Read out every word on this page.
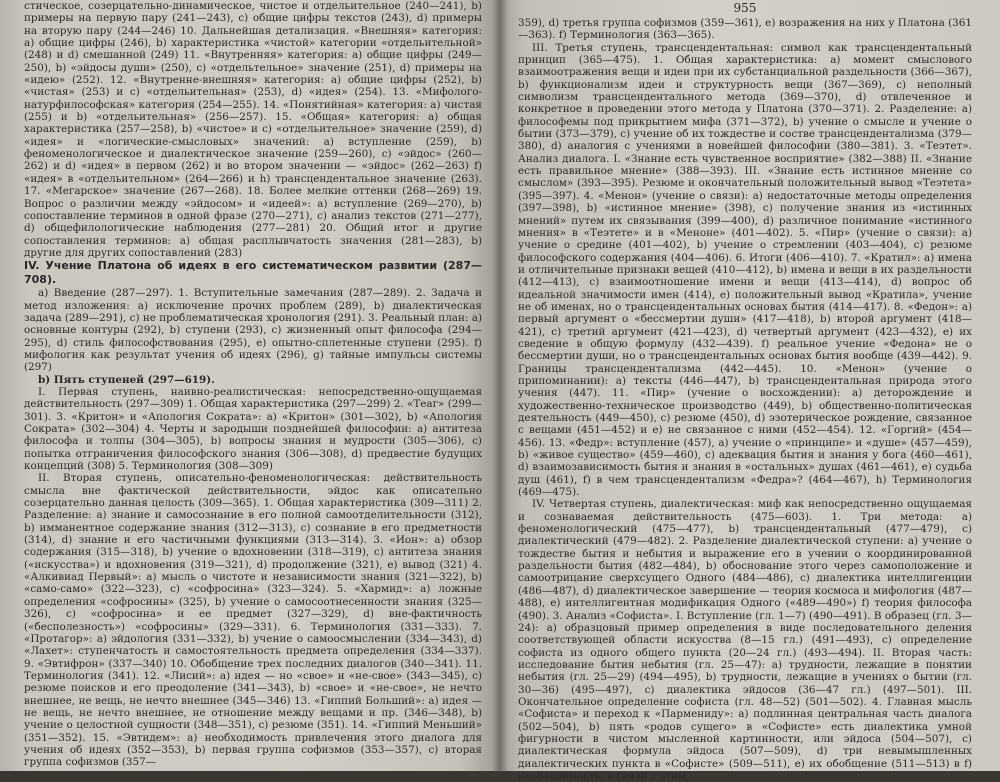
стическое, созерцательно-динамическое, чистое и отдельительное (240—241), b) примеры на первую пару (241—243), c) общие цифры текстов (243), d) примеры на вторую пару (244—246) 10. Дальнейшая детализация. «Внешняя» категория: a) общие цифры (246), b) характеристика «чистой» категории «отдельительной» (248) и d) смешанной (249) 11. «Внутренняя» категория: a) общие цифры (249—250), b) «эйдосы души» (250), c) «отдельтельное» значение (251), d) примеры на «идею» (252). 12. «Внутренне-внешняя» категория: a) общие цифры (252), b) «чистая» (253) и c) «отдельительная» (253), d) «идея» (254). 13. «Мифолого-натурфилософская» категория (254—255). 14. «Понятийная» категория: a) чистая (255) и b) «отдельительная» (256—257). 15. «Общая» категория: a) общая характеристика (257—258), b) «чистое» и c) «отдельительное» значение (259), d) «идея» и «логические-смысловых» значений: a) вступление (259), b) феноменологическое и диалектическое значение (259—260), c) «эйдос» (260—262) и d) «идея» в первом (262) и во втором значении — «эйдос» (262—263) f) «идея» в «отдельительном» (264—266) и h) трансцендентальное значение (263). 17. «Мегарское» значение (267—268). 18. Более мелкие оттенки (268—269) 19. Вопрос о различии между «эйдосом» и «идеей»: a) вступление (269—270), b) сопоставление терминов в одной фразе (270—271), c) анализ текстов (271—277), d) общефилологические наблюдения (277—281) 20. Общий итог и другие сопоставления терминов: a) общая расплывчатость значения (281—283), b) другие для других сопоставлений (283)

IV. Учение Платона об идеях в его систематическом развитии (287—708).

a) Введение (287—297). 1. Вступительные замечания (287—289). 2. Задача и метод изложения: a) исключение прочих проблем (289), b) диалектическая задача (289—291), c) не проблематическая хронология (291). 3. Реальный план: a) основные контуры (292), b) ступени (293), c) жизненный опыт философа (294—295), d) стиль философствования (295), e) опытно-сплетенные ступени (295). f) мифология как результат учения об идеях (296), g) тайные импульсы системы (297)

b) Пять ступеней (297—619).

I. Первая ступень, наивно-реалистическая: непосредственно-ощущаемая действительность (297—309) 1. Общая характеристика (297—299) 2. «Теаг» (299—301). 3. «Критон» и «Апология Сократа»: a) «Критон» (301—302), b) «Апология Сократа» (302—304) 4. Черты и зародыши позднейшей философии: a) антитеза философа и толпы (304—305), b) вопросы знания и мудрости (305—306), c) попытка отграничения философского знания (306—308), d) предвестие будущих концепций (308) 5. Терминология (308—309)

II. Вторая ступень, описательно-феноменологическая: действительность смысла вне фактической действительности, эйдос как описательно созерцательно данная целость (309—365). 1. Общая характеристика (309—311) 2. Разделение: a) знание и самосознание в его полной самоотделительности (312), b) имманентное содержание знания (312—313), c) сознание в его предметности (314), d) знание и его частичными функциями (313—314). 3. «Ион»: a) обзор содержания (315—318), b) учение о вдохновении (318—319), c) антитеза знания («искусства») и вдохновения (319—321), d) продолжение (321), e) вывод (321) 4. «Алкивиад Первый»: a) мысль о чистоте и независимости знания (321—322), b) «само-само» (322—323), c) «софросина» (323—324). 5. «Хармид»: a) ложные определения «софросины» (325), b) учение о самосоотнесенности знания (325—326), c) «софросина» и ее предмет (327—329), d) вне-фактичность («бесполезность») «софросины» (329—331). 6. Терминология (331—333). 7. «Протагор»: a) эйдология (331—332), b) учение о самоосмыслении (334—343), d) «Лахет»: ступенчатость и самостоятельность предмета определения (334—337). 9. «Эвтифрон» (337—340) 10. Обобщение трех последних диалогов (340—341). 11. Терминология (341). 12. «Лисий»: a) идея — но «свое» и «не-свое» (343—345), c) резюме поисков и его преодоление (341—343), b) «свое» и «не-свое», не нечто внешнее, не вещь, не нечто внешнее (345—346) 13. «Гиппий Больший»: a) идея — не вещь, не нечто внешнее, не отношение между вещами и пр. (346—348), b) учение о целостной сущности (348—351), c) резюме (351). 14. «Гиппий Меньший» (351—352). 15. «Эвтидем»: a) необходимость привлечения этого диалога для учения об идеях (352—353), b) первая группа софизмов (353—357), c) вторая группа софизмов (357—

955

359), d) третья группа софизмов (359—361), e) возражения на них у Платона (361—363). f) Терминология (363—365).

III. Третья ступень, трансцендентальная: символ как трансцендентальный принцип (365—475). 1. Общая характеристика: a) момент смыслового взаимоотражения вещи и идеи при их субстанциальной раздельности (366—367), b) функционализм идеи и структурность вещи (367—369), c) неполный символизм трансцендентального метода (369—370), d) отвлеченное и конкретное в проведении этого метода у Платона (370—371). 2. Разделение: a) философемы под прикрытием мифа (371—372), b) учение о смысле и учение о бытии (373—379), c) учение об их тождестве и состве трансцендентализма (379—380), d) аналогия с учениями в новейшей философии (380—381). 3. «Теэтет». Анализ диалога. I. «Знание есть чувственное восприятие» (382—388) II. «Знание есть правильное мнение» (388—393). III. «Знание есть истинное мнение со смыслом» (393—395). Резюме и окончательный положительный вывод «Теэтета» (395—397). 4. «Менон» (учение о связи): a) недостаточные методы определения (397—398), b) «истинное мнение» (398), c) получение знания из «истинных мнений» путем их связывания (399—400), d) различное понимание «истинного мнения» в «Теэтете» и в «Меноне» (401—402). 5. «Пир» (учение о связи): a) учение о средине (401—402), b) учение о стремлении (403—404), c) резюме философского содержания (404—406). 6. Итоги (406—410). 7. «Кратил»: a) имена и отличительные признаки вещей (410—412), b) имена и вещи в их раздельности (412—413), c) взаимоотношение имени и вещи (413—414), d) вопрос об идеальной значимости имен (414), e) положительный вывод «Кратила», учение не об именах, но о трансцендентальных основах бытия (414—417). 8. «Федон»: a) первый аргумент о «бессмертии души» (417—418), b) второй аргумент (418—421), c) третий аргумент (421—423), d) четвертый аргумент (423—432), e) их сведение в общую формулу (432—439). f) реальное учение «Федона» не о бессмертии души, но о трансцендентальных основах бытия вообще (439—442). 9. Границы трансцендентализма (442—445). 10. «Менон» (учение о припоминании): a) тексты (446—447), b) трансцендентальная природа этого учения (447). 11. «Пир» (учение о восхождении): a) деторождение и художественно-техническое производство (449), b) общественно-политическая деятельность (449—450), c) резюме (450), d) эзотерическое рождение, связанное с вещами (451—452) и e) не связанное с ними (452—454). 12. «Горгий» (454—456). 13. «Федр»: вступление (457), a) учение о «принципе» и «душе» (457—459), b) «живое существо» (459—460), c) адеквация бытия и знания у бога (460—461), d) взаимозависимость бытия и знания в «остальных» душах (461—461), e) судьба душ (461), f) в чем трансцендентализм «Федра»? (464—467), h) Терминология (469—475).

IV. Четвертая ступень, диалектическая: миф как непосредственно ощущаемая и сознаваемая действительность (475—603). 1. Три метода: a) феноменологический (475—477), b) трансцендентальный (477—479), c) диалектический (479—482). 2. Разделение диалектической ступени: a) учение о тождестве бытия и небытия и выражение его в учении о координированной раздельности бытия (482—484), b) обоснование этого через самоположение и самоотрицание сверхсущего Одного (484—486), c) диалектика интеллигенции (486—487), d) диалектическое завершение — теория космоса и мифология (487—488), e) интеллигентная модификация Одного («489—490») f) теория философа (490). 3. Анализ «Софиста». I. Вступление (гл. 1—7) (490—491). В образец (гл. 3—24): a) образцовый пример определения в виде последовательного деления соответствующей области искусства (8—15 гл.) (491—493), c) определение софиста из одного общего пункта (20—24 гл.) (493—494). II. Вторая часть: исследование бытия небытия (гл. 25—47): a) трудности, лежащие в понятии небытия (гл. 25—29) (494—495), b) трудности, лежащие в учениях о бытии (гл. 30—36) (495—497), c) диалектика эйдосов (36—47 гл.) (497—501). III. Окончательное определение софиста (гл. 48—52) (501—502). 4. Главная мысль «Софиста» и переход к «Пармениду»: a) подлинная центральная часть диалога (502—504), b) пять «родов сущего» в «Софисте» есть диалектика умной фигурности в чистом мысленной картинности, или эйдоса (504—507), c) диалектическая формула эйдоса (507—509), d) три невымышленных диалектических пункта в «Софисте» (509—511), e) их обобщение (511—513) в f) необходимость, в связи с этим,
